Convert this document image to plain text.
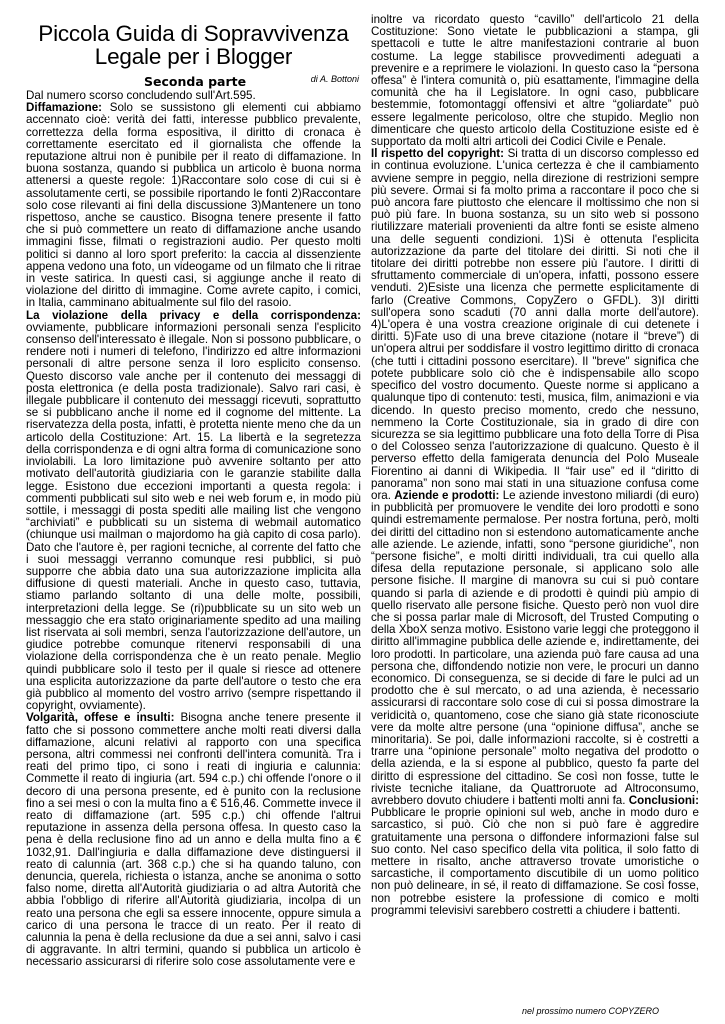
Piccola Guida di Sopravvivenza
Legale per i Blogger
Seconda parte	di A. Bottoni

Dal numero scorso concludendo sull'Art.595.

Diffamazione: Solo se sussistono gli elementi cui abbiamo accennato cioè: verità dei fatti, interesse pubblico prevalente, correttezza della forma espositiva, il diritto di cronaca è correttamente esercitato ed il giornalista che offende la reputazione altrui non è punibile per il reato di diffamazione. In buona sostanza, quando si pubblica un articolo è buona norma attenersi a queste regole: 1)Raccontare solo cose di cui si è assolutamente certi, se possibile riportando le fonti 2)Raccontare solo cose rilevanti ai fini della discussione 3)Mantenere un tono rispettoso, anche se caustico. Bisogna tenere presente il fatto che si può commettere un reato di diffamazione anche usando immagini fisse, filmati o registrazioni audio. Per questo molti politici si danno al loro sport preferito: la caccia al dissenziente appena vedono una foto, un videogame od un filmato che li ritrae in veste satirica. In questi casi, si aggiunge anche il reato di violazione del diritto di immagine. Come avrete capito, i comici, in Italia, camminano abitualmente sul filo del rasoio.

La violazione della privacy e della corrispondenza: ovviamente, pubblicare informazioni personali senza l'esplicito consenso dell'interessato è illegale. Non si possono pubblicare, o rendere noti i numeri di telefono, l'indirizzo ed altre informazioni personali di altre persone senza il loro esplicito consenso. Questo discorso vale anche per il contenuto dei messaggi di posta elettronica (e della posta tradizionale). Salvo rari casi, è illegale pubblicare il contenuto dei messaggi ricevuti, soprattutto se si pubblicano anche il nome ed il cognome del mittente. La riservatezza della posta, infatti, è protetta niente meno che da un articolo della Costituzione: Art. 15. La libertà e la segretezza della corrispondenza e di ogni altra forma di comunicazione sono inviolabili. La loro limitazione può avvenire soltanto per atto motivato dell'autorità giudiziaria con le garanzie stabilite dalla legge. Esistono due eccezioni importanti a questa regola: i commenti pubblicati sul sito web e nei web forum e, in modo più sottile, i messaggi di posta spediti alle mailing list che vengono “archiviati” e pubblicati su un sistema di webmail automatico (chiunque usi mailman o majordomo ha già capito di cosa parlo). Dato che l'autore è, per ragioni tecniche, al corrente del fatto che i suoi messaggi verranno comunque resi pubblici, si può supporre che abbia dato una sua autorizzazione implicita alla diffusione di questi materiali. Anche in questo caso, tuttavia, stiamo parlando soltanto di una delle molte, possibili, interpretazioni della legge. Se (ri)pubblicate su un sito web un messaggio che era stato originariamente spedito ad una mailing list riservata ai soli membri, senza l'autorizzazione dell'autore, un giudice potrebbe comunque ritenervi responsabili di una violazione della corrispondenza che è un reato penale. Meglio quindi pubblicare solo il testo per il quale si riesce ad ottenere una esplicita autorizzazione da parte dell'autore o testo che era già pubblico al momento del vostro arrivo (sempre rispettando il copyright, ovviamente).

Volgarità, offese e insulti: Bisogna anche tenere presente il fatto che si possono commettere anche molti reati diversi dalla diffamazione, alcuni relativi al rapporto con una specifica persona, altri commessi nei confronti dell'intera comunità. Tra i reati del primo tipo, ci sono i reati di ingiuria e calunnia: Commette il reato di ingiuria (art. 594 c.p.) chi offende l'onore o il decoro di una persona presente, ed è punito con la reclusione fino a sei mesi o con la multa fino a € 516,46. Commette invece il reato di diffamazione (art. 595 c.p.) chi offende l'altrui reputazione in assenza della persona offesa. In questo caso la pena è della reclusione fino ad un anno e della multa fino a € 1032,91. Dall'ingiuria e dalla diffamazione deve distinguersi il reato di calunnia (art. 368 c.p.) che si ha quando taluno, con denuncia, querela, richiesta o istanza, anche se anonima o sotto falso nome, diretta all'Autorità giudiziaria o ad altra Autorità che abbia l'obbligo di riferire all'Autorità giudiziaria, incolpa di un reato una persona che egli sa essere innocente, oppure simula a carico di una persona le tracce di un reato. Per il reato di calunnia la pena è della reclusione da due a sei anni, salvo i casi di aggravante. In altri termini, quando si pubblica un articolo è necessario assicurarsi di riferire solo cose assolutamente vere e

inoltre va ricordato questo “cavillo” dell'articolo 21 della Costituzione: Sono vietate le pubblicazioni a stampa, gli spettacoli e tutte le altre manifestazioni contrarie al buon costume. La legge stabilisce provvedimenti adeguati a prevenire e a reprimere le violazioni. In questo caso la “persona offesa” è l'intera comunità o, più esattamente, l'immagine della comunità che ha il Legislatore. In ogni caso, pubblicare bestemmie, fotomontaggi offensivi et altre “goliardate” può essere legalmente pericoloso, oltre che stupido. Meglio non dimenticare che questo articolo della Costituzione esiste ed è supportato da molti altri articoli dei Codici Civile e Penale.

Il rispetto del copyright: Si tratta di un discorso complesso ed in continua evoluzione. L'unica certezza è che il cambiamento avviene sempre in peggio, nella direzione di restrizioni sempre più severe. Ormai si fa molto prima a raccontare il poco che si può ancora fare piuttosto che elencare il moltissimo che non si può più fare. In buona sostanza, su un sito web si possono riutilizzare materiali provenienti da altre fonti se esiste almeno una delle seguenti condizioni. 1)Si è ottenuta l'esplicita autorizzazione da parte del titolare dei diritti. Si noti che il titolare dei diritti potrebbe non essere più l'autore. I diritti di sfruttamento commerciale di un'opera, infatti, possono essere venduti. 2)Esiste una licenza che permette esplicitamente di farlo (Creative Commons, CopyZero o GFDL). 3)I diritti sull'opera sono scaduti (70 anni dalla morte dell'autore). 4)L'opera è una vostra creazione originale di cui detenete i diritti. 5)Fate uso di una breve citazione (notare il “breve”) di un'opera altrui per soddisfare il vostro legittimo diritto di cronaca (che tutti i cittadini possono esercitare). Il "breve" significa che potete pubblicare solo ciò che è indispensabile allo scopo specifico del vostro documento. Queste norme si applicano a qualunque tipo di contenuto: testi, musica, film, animazioni e via dicendo. In questo preciso momento, credo che nessuno, nemmeno la Corte Costituzionale, sia in grado di dire con sicurezza se sia legittimo pubblicare una foto della Torre di Pisa o del Colosseo senza l'autorizzazione di qualcuno. Questo è il perverso effetto della famigerata denuncia del Polo Museale Fiorentino ai danni di Wikipedia. Il “fair use” ed il “diritto di panorama” non sono mai stati in una situazione confusa come ora. Aziende e prodotti: Le aziende investono miliardi (di euro) in pubblicità per promuovere le vendite dei loro prodotti e sono quindi estremamente permalose. Per nostra fortuna, però, molti dei diritti del cittadino non si estendono automaticamente anche alle aziende. Le aziende, infatti, sono “persone giuridiche”, non “persone fisiche”, e molti diritti individuali, tra cui quello alla difesa della reputazione personale, si applicano solo alle persone fisiche. Il margine di manovra su cui si può contare quando si parla di aziende e di prodotti è quindi più ampio di quello riservato alle persone fisiche. Questo però non vuol dire che si possa parlar male di Microsoft, del Trusted Computing o della XboX senza motivo. Esistono varie leggi che proteggono il diritto all'immagine pubblica delle aziende e, indirettamente, dei loro prodotti. In particolare, una azienda può fare causa ad una persona che, diffondendo notizie non vere, le procuri un danno economico. Di conseguenza, se si decide di fare le pulci ad un prodotto che è sul mercato, o ad una azienda, è necessario assicurarsi di raccontare solo cose di cui si possa dimostrare la veridicità o, quantomeno, cose che siano già state riconosciute vere da molte altre persone (una “opinione diffusa”, anche se minoritaria). Se poi, dalle informazioni raccolte, si è costretti a trarre una “opinione personale” molto negativa del prodotto o della azienda, e la si espone al pubblico, questo fa parte del diritto di espressione del cittadino. Se così non fosse, tutte le riviste tecniche italiane, da Quattroruote ad Altroconsumo, avrebbero dovuto chiudere i battenti molti anni fa. Conclusioni: Pubblicare le proprie opinioni sul web, anche in modo duro e sarcastico, si può. Ciò che non si può fare è aggredire gratuitamente una persona o diffondere informazioni false sul suo conto. Nel caso specifico della vita politica, il solo fatto di mettere in risalto, anche attraverso trovate umoristiche o sarcastiche, il comportamento discutibile di un uomo politico non può delineare, in sé, il reato di diffamazione. Se così fosse, non potrebbe esistere la professione di comico e molti programmi televisivi sarebbero costretti a chiudere i battenti.

nel prossimo numero COPYZERO
